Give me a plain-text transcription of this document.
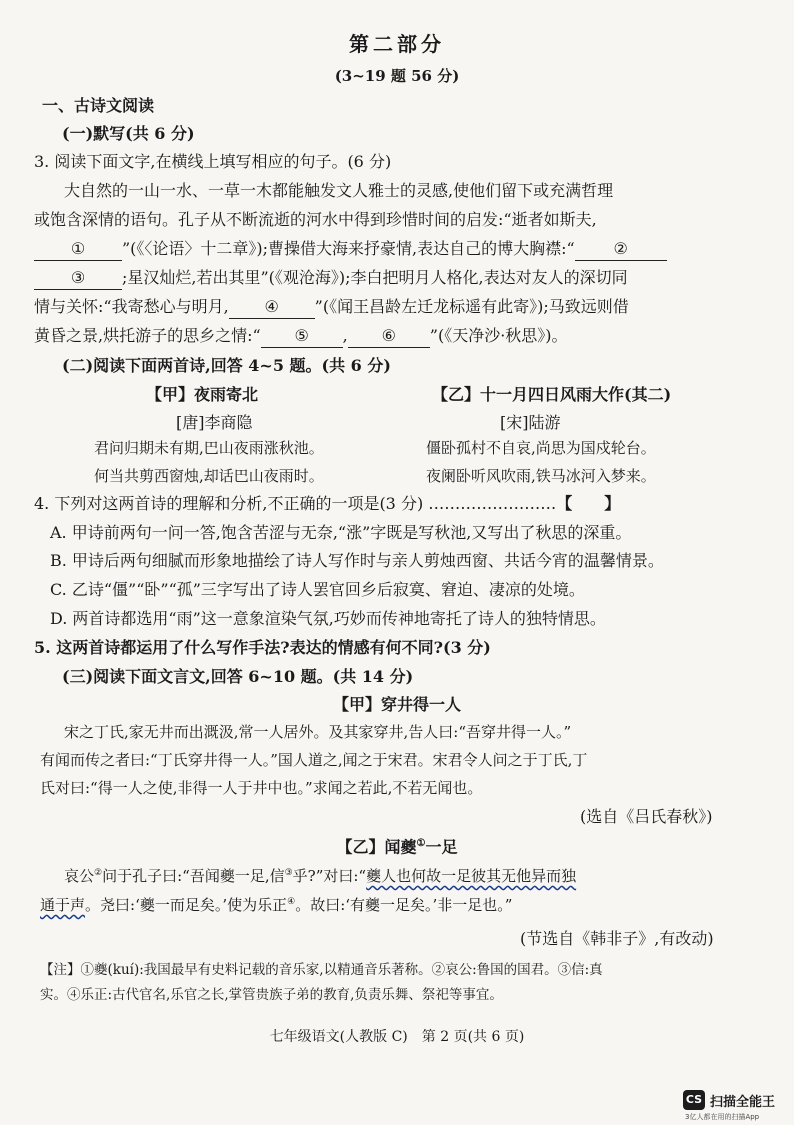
第二部分
(3~19 题 56 分)
一、古诗文阅读
(一)默写(共 6 分)
3. 阅读下面文字,在横线上填写相应的句子。(6 分)
大自然的一山一水、一草一木都能触发文人雅士的灵感,使他们留下或充满哲理
或饱含深情的语句。孔子从不断流逝的河水中得到珍惜时间的启发:“逝者如斯夫,
① ”(《〈论语〉十二章》);曹操借大海来抒豪情,表达自己的博大胸襟:“ ②
③ ;星汉灿烂,若出其里”(《观沧海》);李白把明月人格化,表达对友人的深切同
情与关怀:“我寄愁心与明月, ④ ”(《闻王昌龄左迁龙标遥有此寄》);马致远则借
黄昏之景,烘托游子的思乡之情:“ ⑤ , ⑥ ”(《天净沙·秋思》)。
(二)阅读下面两首诗,回答 4~5 题。(共 6 分)
【甲】夜雨寄北	【乙】十一月四日风雨大作(其二)
[唐]李商隐	[宋]陆游
君问归期未有期,巴山夜雨涨秋池。	僵卧孤村不自哀,尚思为国戍轮台。
何当共剪西窗烛,却话巴山夜雨时。	夜阑卧听风吹雨,铁马冰河入梦来。
4. 下列对这两首诗的理解和分析,不正确的一项是(3 分) ……………………【　　】
A. 甲诗前两句一问一答,饱含苦涩与无奈,“涨”字既是写秋池,又写出了秋思的深重。
B. 甲诗后两句细腻而形象地描绘了诗人写作时与亲人剪烛西窗、共话今宵的温馨情景。
C. 乙诗“僵”“卧”“孤”三字写出了诗人罢官回乡后寂寞、窘迫、凄凉的处境。
D. 两首诗都选用“雨”这一意象渲染气氛,巧妙而传神地寄托了诗人的独特情思。
5. 这两首诗都运用了什么写作手法?表达的情感有何不同?(3 分)
(三)阅读下面文言文,回答 6~10 题。(共 14 分)
【甲】穿井得一人
宋之丁氏,家无井而出溉汲,常一人居外。及其家穿井,告人曰:“吾穿井得一人。”
有闻而传之者曰:“丁氏穿井得一人。”国人道之,闻之于宋君。宋君令人问之于丁氏,丁
氏对曰:“得一人之使,非得一人于井中也。”求闻之若此,不若无闻也。
(选自《吕氏春秋》)
【乙】闻夔①一足
哀公②问于孔子曰:“吾闻夔一足,信③乎?”对曰:“夔人也何故一足彼其无他异而独
通于声。尧曰:‘夔一而足矣。’使为乐正④。故曰:‘有夔一足矣。’非一足也。”
(节选自《韩非子》,有改动)
【注】①夔(kuí):我国最早有史料记载的音乐家,以精通音乐著称。②哀公:鲁国的国君。③信:真
实。④乐正:古代官名,乐官之长,掌管贵族子弟的教育,负责乐舞、祭祀等事宜。
七年级语文(人教版 C)　第 2 页(共 6 页)
CS 扫描全能王
3亿人都在用的扫描App
